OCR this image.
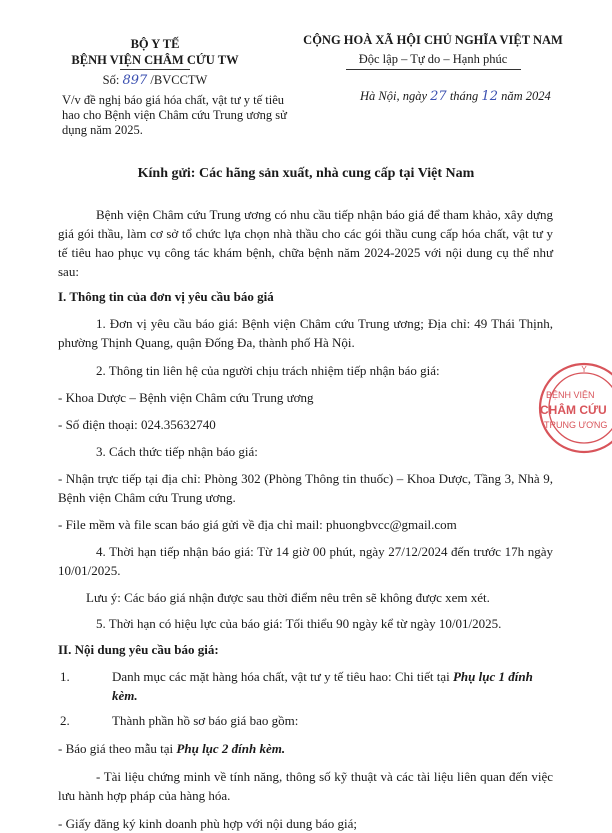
BỘ Y TẾ
BỆNH VIỆN CHÂM CỨU TW
Số: 897 /BVCCTW
V/v đề nghị báo giá hóa chất, vật tư y tế tiêu hao cho Bệnh viện Châm cứu Trung ương sử dụng năm 2025.
CỘNG HOÀ XÃ HỘI CHỦ NGHĨA VIỆT NAM
Độc lập – Tự do – Hạnh phúc
Hà Nội, ngày 27 tháng 12 năm 2024
Kính gửi: Các hãng sản xuất, nhà cung cấp tại Việt Nam

Bệnh viện Châm cứu Trung ương có nhu cầu tiếp nhận báo giá để tham khảo, xây dựng giá gói thầu, làm cơ sở tổ chức lựa chọn nhà thầu cho các gói thầu cung cấp hóa chất, vật tư y tế tiêu hao phục vụ công tác khám bệnh, chữa bệnh năm 2024-2025 với nội dung cụ thể như sau:

I. Thông tin của đơn vị yêu cầu báo giá

1. Đơn vị yêu cầu báo giá: Bệnh viện Châm cứu Trung ương; Địa chỉ: 49 Thái Thịnh, phường Thịnh Quang, quận Đống Đa, thành phố Hà Nội.

2. Thông tin liên hệ của người chịu trách nhiệm tiếp nhận báo giá:

- Khoa Dược – Bệnh viện Châm cứu Trung ương

- Số điện thoại: 024.35632740

3. Cách thức tiếp nhận báo giá:

- Nhận trực tiếp tại địa chỉ: Phòng 302 (Phòng Thông tin thuốc) – Khoa Dược, Tầng 3, Nhà 9, Bệnh viện Châm cứu Trung ương.

- File mềm và file scan báo giá gửi về địa chỉ mail: phuongbvcc@gmail.com

4. Thời hạn tiếp nhận báo giá: Từ 14 giờ 00 phút, ngày 27/12/2024 đến trước 17h ngày 10/01/2025.

Lưu ý: Các báo giá nhận được sau thời điểm nêu trên sẽ không được xem xét.

5. Thời hạn có hiệu lực của báo giá: Tối thiểu 90 ngày kể từ ngày 10/01/2025.

II. Nội dung yêu cầu báo giá:

1.	Danh mục các mặt hàng hóa chất, vật tư y tế tiêu hao: Chi tiết tại Phụ lục 1 đính kèm.

2.	Thành phần hồ sơ báo giá bao gồm:

- Báo giá theo mẫu tại Phụ lục 2 đính kèm.

- Tài liệu chứng minh về tính năng, thông số kỹ thuật và các tài liệu liên quan đến việc lưu hành hợp pháp của hàng hóa.

- Giấy đăng ký kinh doanh phù hợp với nội dung báo giá;

Y
BỆNH VIỆN
CHÂM CỨU
TRUNG ƯƠNG
